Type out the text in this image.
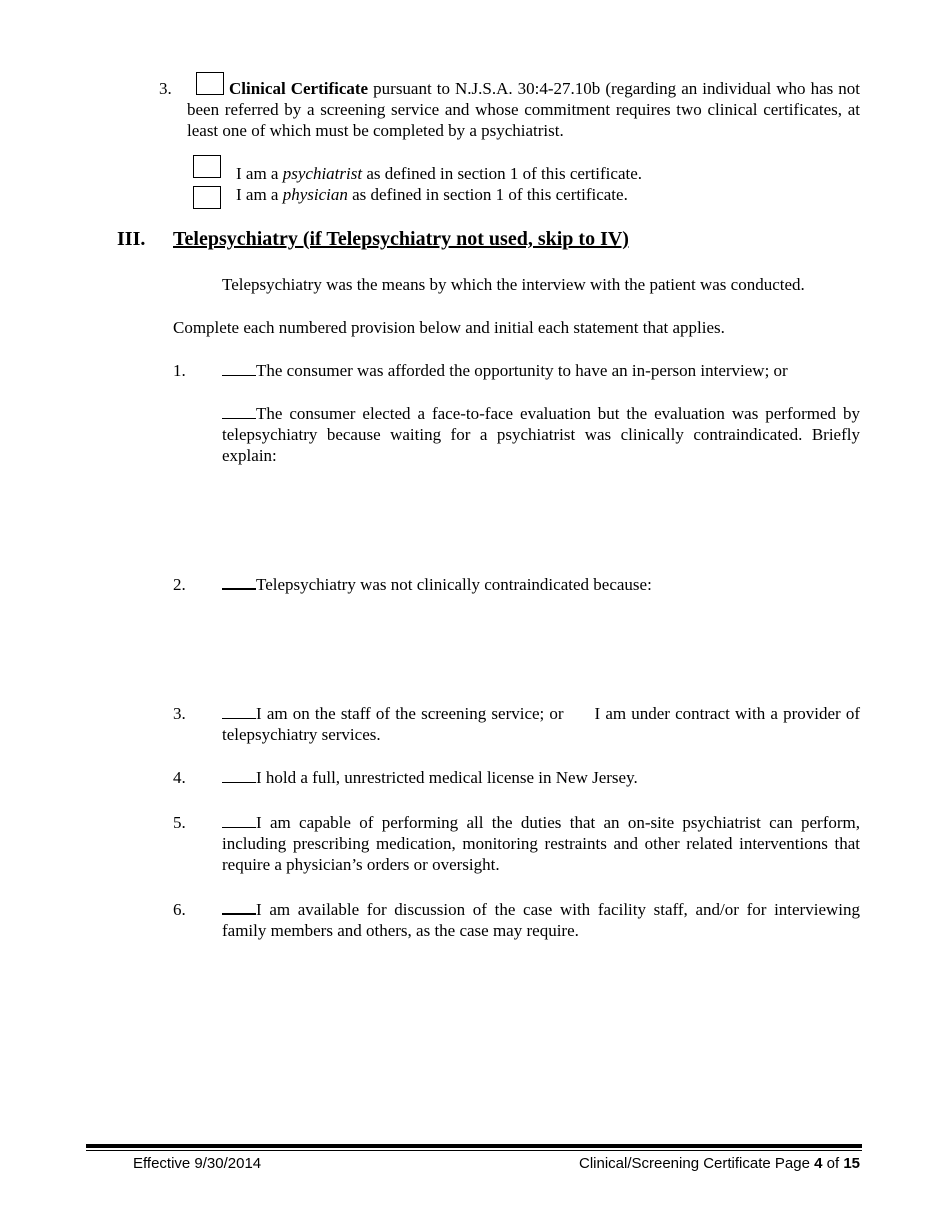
3.	Clinical Certificate pursuant to N.J.S.A. 30:4-27.10b (regarding an individual who has not been referred by a screening service and whose commitment requires two clinical certificates, at least one of which must be completed by a psychiatrist.
I am a psychiatrist as defined in section 1 of this certificate.
I am a physician as defined in section 1 of this certificate.
III. Telepsychiatry (if Telepsychiatry not used, skip to IV)
Telepsychiatry was the means by which the interview with the patient was conducted.
Complete each numbered provision below and initial each statement that applies.
1.	The consumer was afforded the opportunity to have an in-person interview; or
The consumer elected a face-to-face evaluation but the evaluation was performed by telepsychiatry because waiting for a psychiatrist was clinically contraindicated. Briefly explain:
2.	Telepsychiatry was not clinically contraindicated because:
3.	I am on the staff of the screening service; or      I am under contract with a provider of telepsychiatry services.
4.	I hold a full, unrestricted medical license in New Jersey.
5.	I am capable of performing all the duties that an on-site psychiatrist can perform, including prescribing medication, monitoring restraints and other related interventions that require a physician’s orders or oversight.
6.	I am available for discussion of the case with facility staff, and/or for interviewing family members and others, as the case may require.
Effective 9/30/2014	Clinical/Screening Certificate Page 4 of 15
